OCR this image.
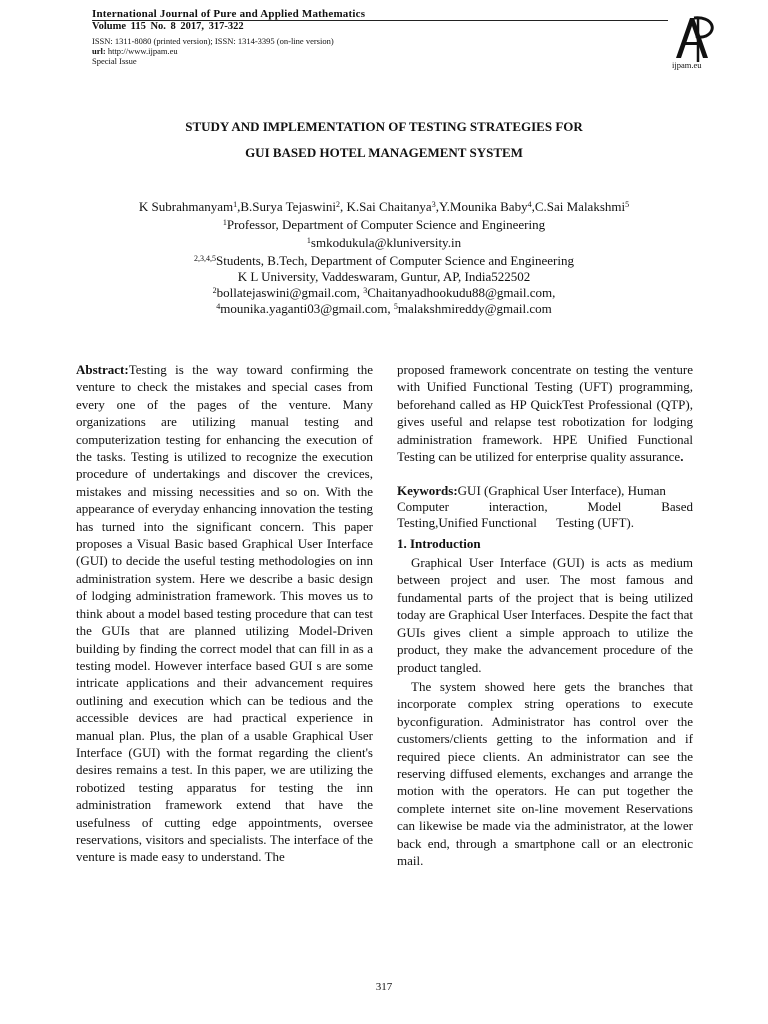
International Journal of Pure and Applied Mathematics
Volume 115 No. 8 2017, 317-322
ISSN: 1311-8080 (printed version); ISSN: 1314-3395 (on-line version)
url: http://www.ijpam.eu
Special Issue	ijpam.eu
STUDY AND IMPLEMENTATION OF TESTING STRATEGIES FOR
GUI BASED HOTEL MANAGEMENT SYSTEM
K Subrahmanyam$^1$,B.Surya Tejaswini$^2$, K.Sai Chaitanya$^3$,Y.Mounika Baby$^4$,C.Sai Malakshmi$^5$
$^1$Professor, Department of Computer Science and Engineering
$^1$smkodukula@kluniversity.in
$^{2,3,4,5}$Students, B.Tech, Department of Computer Science and Engineering
K L University, Vaddeswaram, Guntur, AP, India522502
$^2$bollatejaswini@gmail.com, $^3$Chaitanyadhookudu88@gmail.com,
$^4$mounika.yaganti03@gmail.com, $^5$malakshmireddy@gmail.com

Abstract:Testing is the way toward confirming the venture to check the mistakes and special cases from every one of the pages of the venture. Many organizations are utilizing manual testing and computerization testing for enhancing the execution of the tasks. Testing is utilized to recognize the execution procedure of undertakings and discover the crevices, mistakes and missing necessities and so on. With the appearance of everyday enhancing innovation the testing has turned into the significant concern. This paper proposes a Visual Basic based Graphical User Interface (GUI) to decide the useful testing methodologies on inn administration system. Here we describe a basic design of lodging administration framework. This moves us to think about a model based testing procedure that can test the GUIs that are planned utilizing Model-Driven building by finding the correct model that can fill in as a testing model. However interface based GUI s are some intricate applications and their advancement requires outlining and execution which can be tedious and the accessible devices are had practical experience in manual plan. Plus, the plan of a usable Graphical User Interface (GUI) with the format regarding the client's desires remains a test. In this paper, we are utilizing the robotized testing apparatus for testing the inn administration framework extend that have the usefulness of cutting edge appointments, oversee reservations, visitors and specialists. The interface of the venture is made easy to understand. The

proposed framework concentrate on testing the venture with Unified Functional Testing (UFT) programming, beforehand called as HP QuickTest Professional (QTP), gives useful and relapse test robotization for lodging administration framework. HPE Unified Functional Testing can be utilized for enterprise quality assurance.

Keywords:GUI (Graphical User Interface), Human
Computer	interaction,	Model	Based
Testing,Unified Functional      Testing (UFT).

1. Introduction

Graphical User Interface (GUI) is acts as medium between project and user. The most famous and fundamental parts of the project that is being utilized today are Graphical User Interfaces. Despite the fact that GUIs gives client a simple approach to utilize the product, they make the advancement procedure of the product tangled.

The system showed here gets the branches that incorporate complex string operations to execute byconfiguration. Administrator has control over the customers/clients getting to the information and if required piece clients. An administrator can see the reserving diffused elements, exchanges and arrange the motion with the operators. He can put together the complete internet site on-line movement Reservations can likewise be made via the administrator, at the lower back end, through a smartphone call or an electronic mail.

317
